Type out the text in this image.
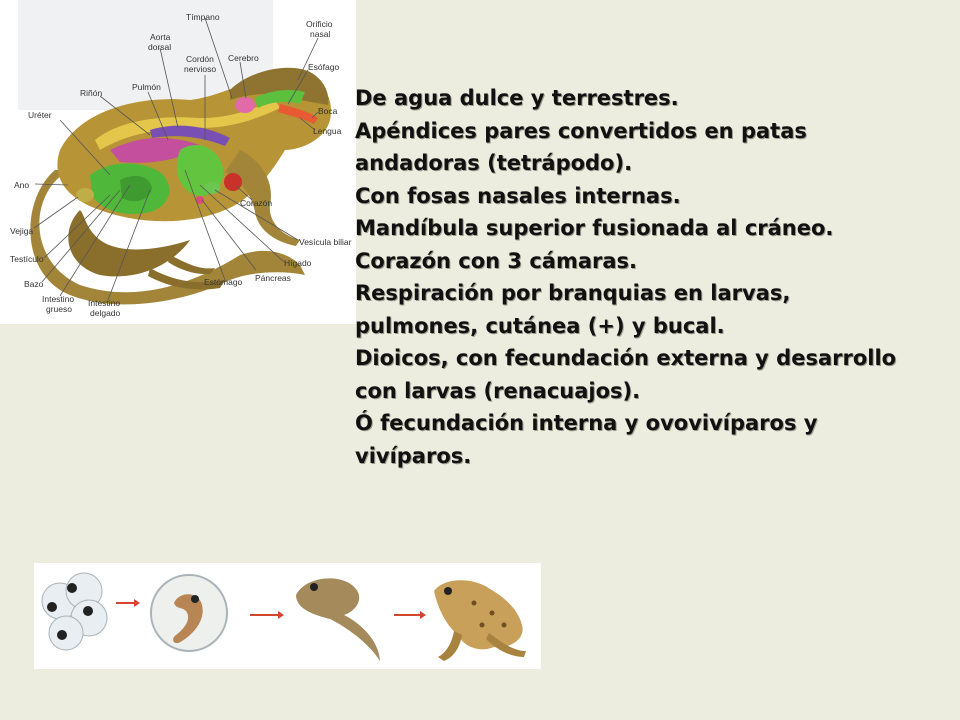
Tímpano
Orificio nasal
Aorta dorsal
Cordón nervioso
Cerebro
Esófago
Riñón
Pulmón
Boca
Lengua
Uréter
Ano
Corazón
Vejiga
Vesícula biliar
Testículo	Hígado
Bazo
Páncreas
Estómago
Intestino grueso
Intestino delgado
De agua dulce y terrestres.
Apéndices pares convertidos en patas
andadoras (tetrápodo).
Con fosas nasales internas.
Mandíbula superior fusionada al cráneo.
Corazón con 3 cámaras.
Respiración por branquias en larvas,
pulmones, cutánea (+) y bucal.
Dioicos, con fecundación externa y desarrollo
con larvas (renacuajos).
Ó fecundación interna y ovovivíparos y
vivíparos.
